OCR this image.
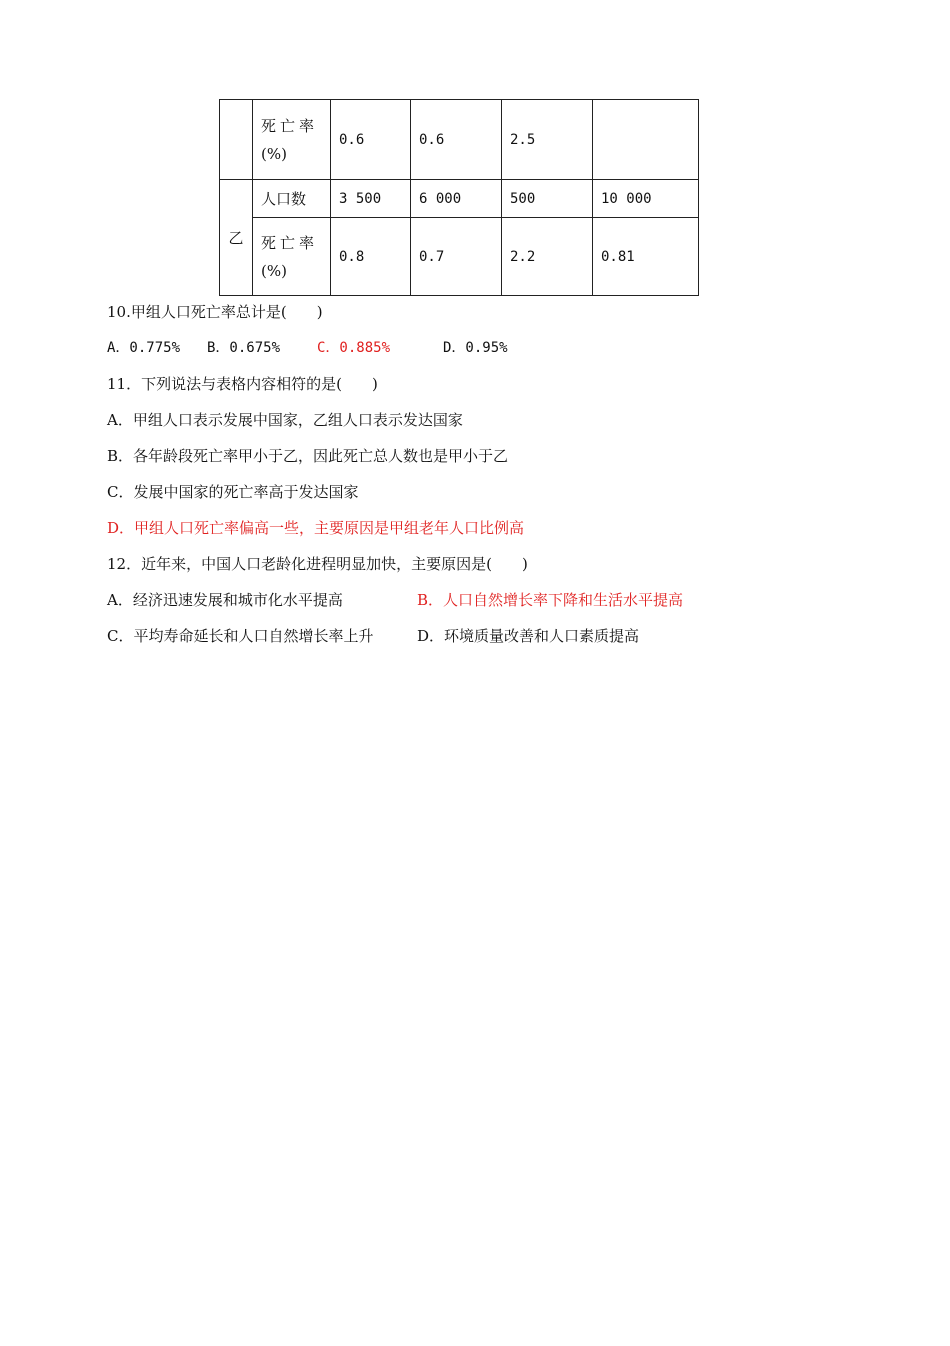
	死亡率
(%)	0.6	0.6	2.5	
乙	人口数	3 500	6 000	500	10 000

	死亡率
(%)	0.8	0.7	2.2	0.81
10.甲组人口死亡率总计是(　　)
A．0.775% B．0.675%	C．0.885%	D．0.95%
11．下列说法与表格内容相符的是(　　)
A．甲组人口表示发展中国家，乙组人口表示发达国家
B．各年龄段死亡率甲小于乙，因此死亡总人数也是甲小于乙
C．发展中国家的死亡率高于发达国家
D．甲组人口死亡率偏高一些，主要原因是甲组老年人口比例高
12．近年来，中国人口老龄化进程明显加快，主要原因是(　　)
A．经济迅速发展和城市化水平提高	B．人口自然增长率下降和生活水平提高
C．平均寿命延长和人口自然增长率上升	D．环境质量改善和人口素质提高
